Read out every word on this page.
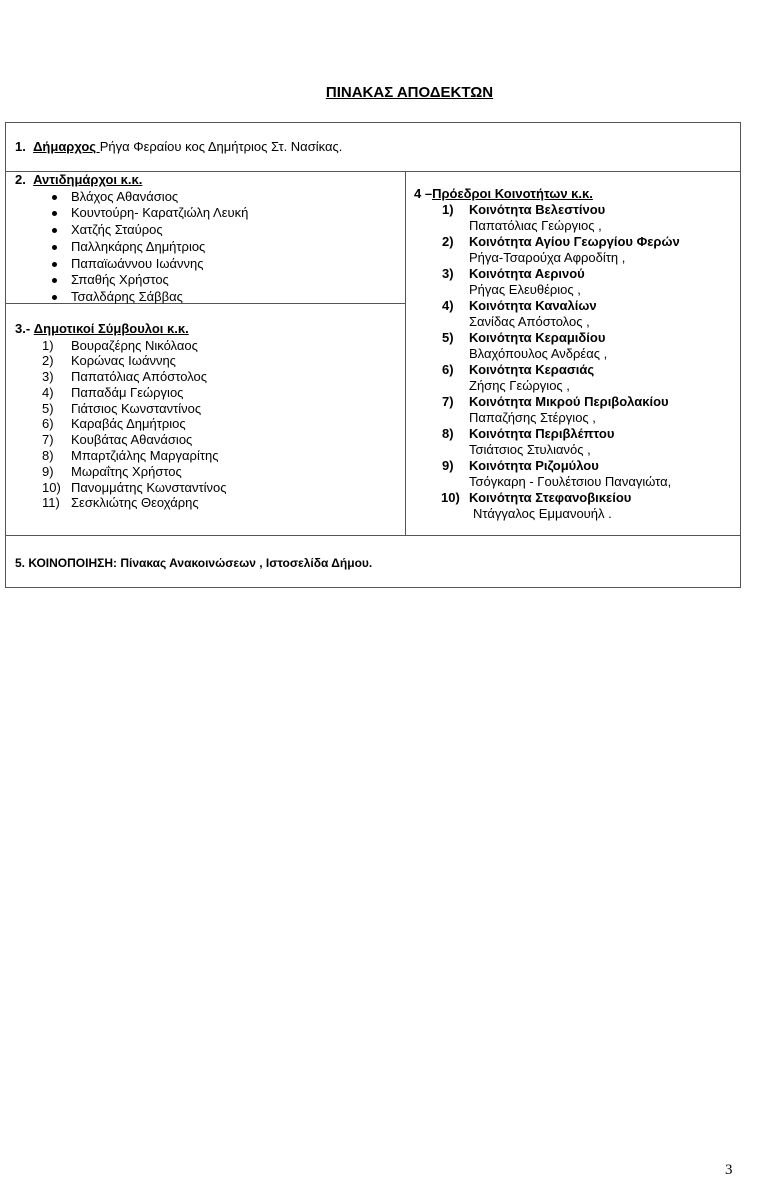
ΠΙΝΑΚΑΣ ΑΠΟΔΕΚΤΩΝ
1. Δήμαρχος Ρήγα Φεραίου κος Δημήτριος Στ. Νασίκας.
2. Αντιδημάρχοι κ.κ.
Βλάχος Αθανάσιος
Κουντούρη- Καρατζιώλη Λευκή
Χατζής Σταύρος
Παλληκάρης Δημήτριος
Παπαϊωάννου Ιωάννης
Σπαθής Χρήστος
Τσαλδάρης Σάββας
3.- Δημοτικοί Σύμβουλοι κ.κ.
1) Βουραζέρης Νικόλαος
2) Κορώνας Ιωάννης
3) Παπατόλιας Απόστολος
4) Παπαδάμ Γεώργιος
5) Γιάτσιος Κωνσταντίνος
6) Καραβάς Δημήτριος
7) Κουβάτας Αθανάσιος
8) Μπαρτζιάλης Μαργαρίτης
9) Μωραΐτης Χρήστος
10) Πανομμάτης Κωνσταντίνος
11) Σεσκλιώτης Θεοχάρης
4 –Πρόεδροι Κοινοτήτων κ.κ.
1)	Κοινότητα Βελεστίνου
Παπατόλιας Γεώργιος ,
2)	Κοινότητα Αγίου Γεωργίου Φερών
Ρήγα-Τσαρούχα Αφροδίτη ,
3)	Κοινότητα Αερινού
Ρήγας Ελευθέριος ,
4)	Κοινότητα Καναλίων
Σανίδας Απόστολος ,
5)	Κοινότητα Κεραμιδίου
Βλαχόπουλος Ανδρέας ,
6)	Κοινότητα Κερασιάς
Ζήσης Γεώργιος ,
7)	Κοινότητα Μικρού Περιβολακίου
Παπαζήσης Στέργιος ,
8)	Κοινότητα Περιβλέπτου
Τσιάτσιος Στυλιανός ,
9)	Κοινότητα Ριζομύλου
Τσόγκαρη - Γουλέτσιου Παναγιώτα,
10) Κοινότητα Στεφανοβικείου
Ντάγγαλος Εμμανουήλ .
5. ΚΟΙΝΟΠΟΙΗΣΗ: Πίνακας Ανακοινώσεων , Ιστοσελίδα Δήμου.
3
